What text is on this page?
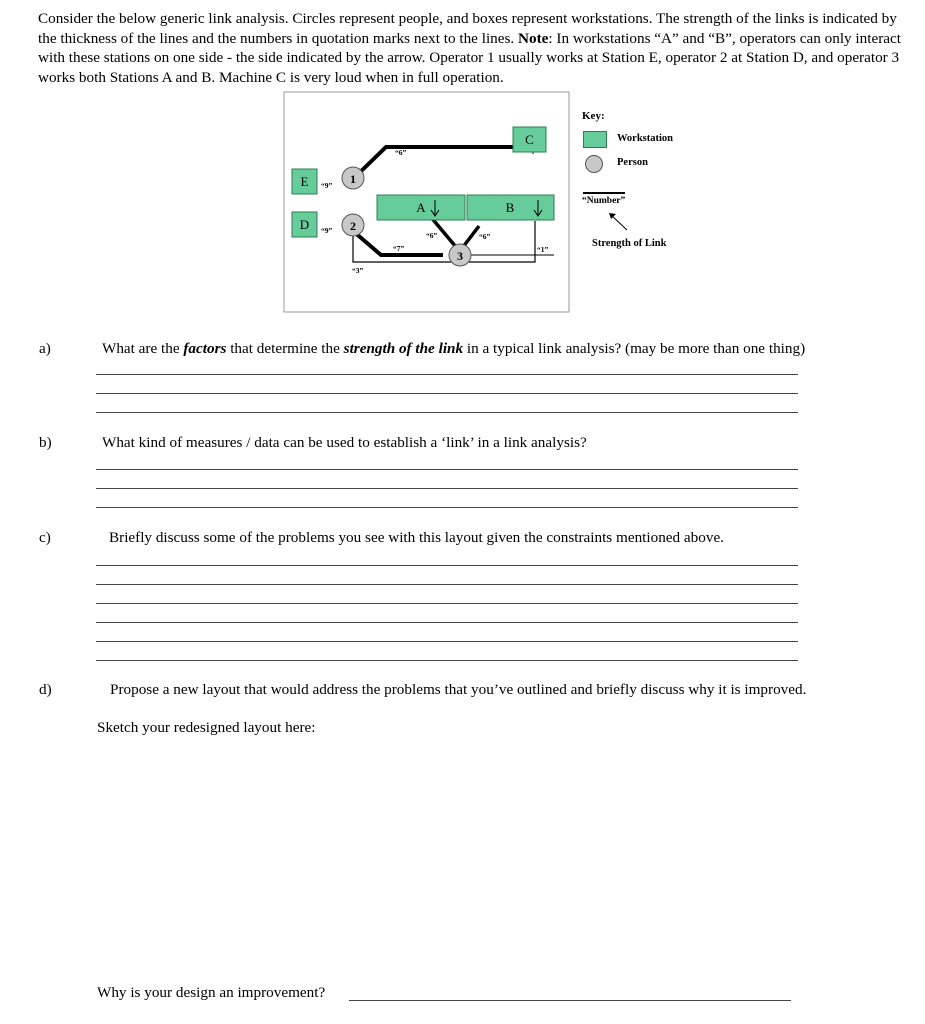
Consider the below generic link analysis. Circles represent people, and boxes represent workstations. The strength of the links is indicated by the thickness of the lines and the numbers in quotation marks next to the lines. Note: In workstations “A” and “B”, operators can only interact with these stations on one side - the side indicated by the arrow. Operator 1 usually works at Station E, operator 2 at Station D, and operator 3 works both Stations A and B. Machine C is very loud when in full operation.
E
D
A	B
C
1
2
3
“6”
“9”
“9”
“7”
“6”	“6”
“1”
“3”
Key:
Workstation
Person
“Number”
Strength of Link
a)	What are the factors that determine the strength of the link in a typical link analysis? (may be more than one thing)
b)	What kind of measures / data can be used to establish a ‘link’ in a link analysis?
c)	Briefly discuss some of the problems you see with this layout given the constraints mentioned above.
d)	Propose a new layout that would address the problems that you’ve outlined and briefly discuss why it is improved.
Sketch your redesigned layout here:
Why is your design an improvement?
